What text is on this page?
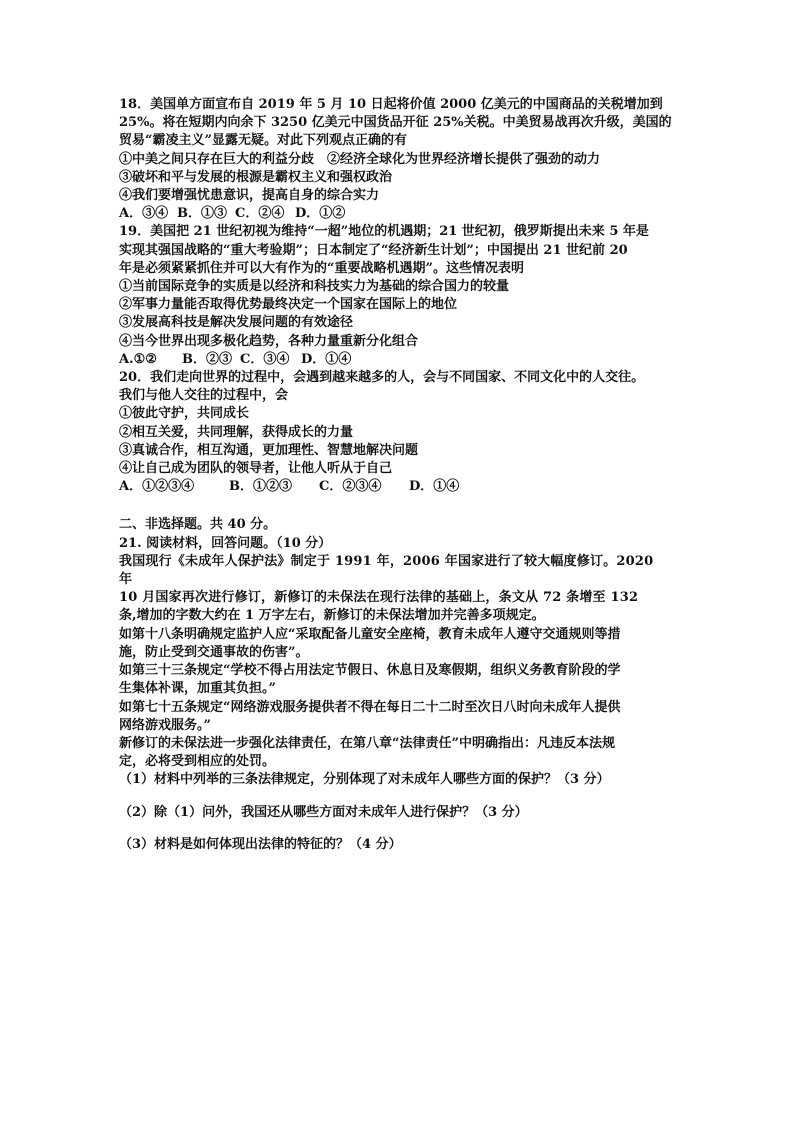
18．美国单方面宣布自 2019 年 5 月 10 日起将价值 2000 亿美元的中国商品的关税增加到
25%。将在短期内向余下 3250 亿美元中国货品开征 25%关税。中美贸易战再次升级，美国的
贸易“霸凌主义”显露无疑。对此下列观点正确的有
①中美之间只存在巨大的利益分歧　②经济全球化为世界经济增长提供了强劲的动力
③破坏和平与发展的根源是霸权主义和强权政治
④我们要增强忧患意识，提高自身的综合实力
A．③④ B．①③ C．②④ D．①②
19．美国把 21 世纪初视为维持“一超”地位的机遇期；21 世纪初，俄罗斯提出未来 5 年是
实现其强国战略的“重大考验期”；日本制定了“经济新生计划”；中国提出 21 世纪前 20
年是必须紧紧抓住并可以大有作为的“重要战略机遇期”。这些情况表明
①当前国际竞争的实质是以经济和科技实力为基础的综合国力的较量
②军事力量能否取得优势最终决定一个国家在国际上的地位
③发展高科技是解决发展问题的有效途径
④当今世界出现多极化趋势，各种力量重新分化组合
A.①② B．②③ C．③④ D．①④
20．我们走向世界的过程中，会遇到越来越多的人，会与不同国家、不同文化中的人交往。
我们与他人交往的过程中，会
①彼此守护，共同成长
②相互关爱，共同理解，获得成长的力量
③真诚合作，相互沟通，更加理性、智慧地解决问题
④让自己成为团队的领导者，让他人听从于自己
A．①②③④	B．①②③ C．②③④ D．①④
二、非选择题。共 40 分。
21. 阅读材料，回答问题。（10 分）
我国现行《未成年人保护法》制定于 1991 年，2006 年国家进行了较大幅度修订。2020
年
10 月国家再次进行修订，新修订的未保法在现行法律的基础上，条文从 72 条增至 132
条,增加的字数大约在 1 万字左右，新修订的未保法增加并完善多项规定。
如第十八条明确规定监护人应“采取配备儿童安全座椅，教育未成年人遵守交通规则等措
施，防止受到交通事故的伤害”。
如第三十三条规定“学校不得占用法定节假日、休息日及寒假期，组织义务教育阶段的学
生集体补课，加重其负担。”
如第七十五条规定“网络游戏服务提供者不得在每日二十二时至次日八时向未成年人提供
网络游戏服务。”
新修订的未保法进一步强化法律责任，在第八章“法律责任”中明确指出：凡违反本法规
定，必将受到相应的处罚。
（1）材料中列举的三条法律规定，分别体现了对未成年人哪些方面的保护？（3 分）
（2）除（1）问外，我国还从哪些方面对未成年人进行保护？（3 分）
（3）材料是如何体现出法律的特征的？（4 分）
